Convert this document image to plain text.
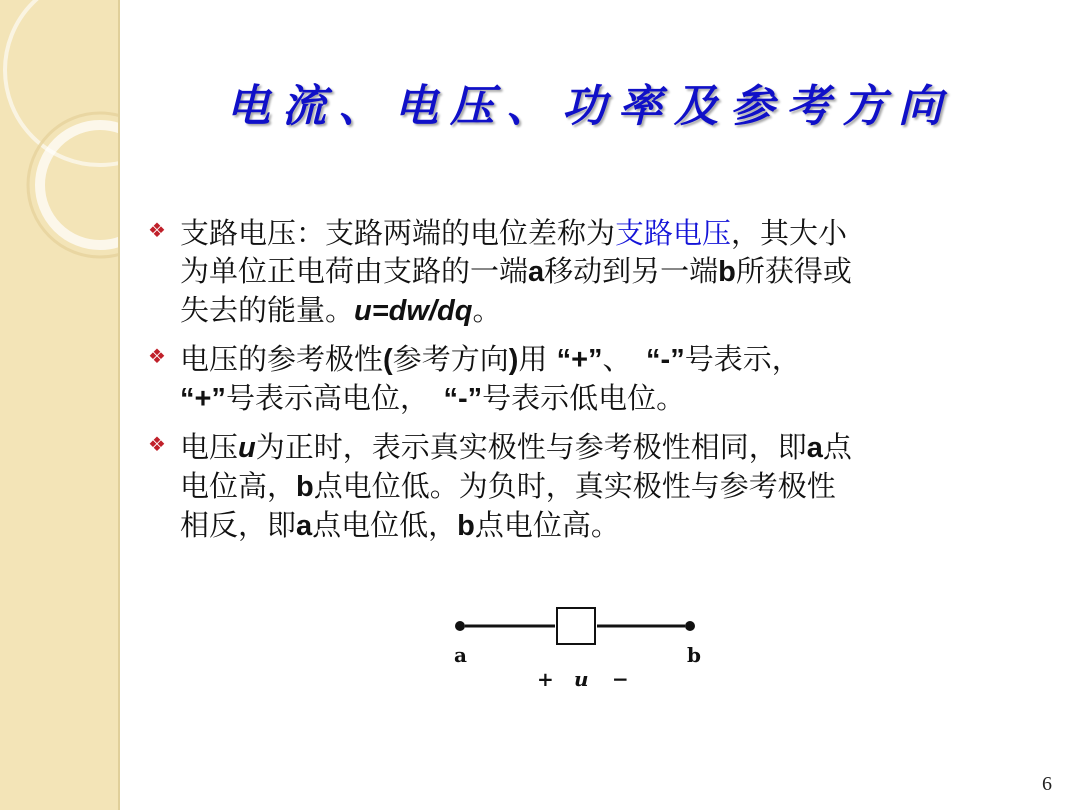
电流、电压、功率及参考方向
❖ 支路电压：支路两端的电位差称为支路电压，其大小
为单位正电荷由支路的一端a移动到另一端b所获得或
失去的能量。u=dw/dq。
❖ 电压的参考极性(参考方向)用 “+”、　“-”号表示，
“+”号表示高电位，　“-”号表示低电位。
❖ 电压u为正时，表示真实极性与参考极性相同，即a点
电位高，b点电位低。为负时，真实极性与参考极性
相反，即a点电位低，b点电位高。
a	b
+ u −
6
